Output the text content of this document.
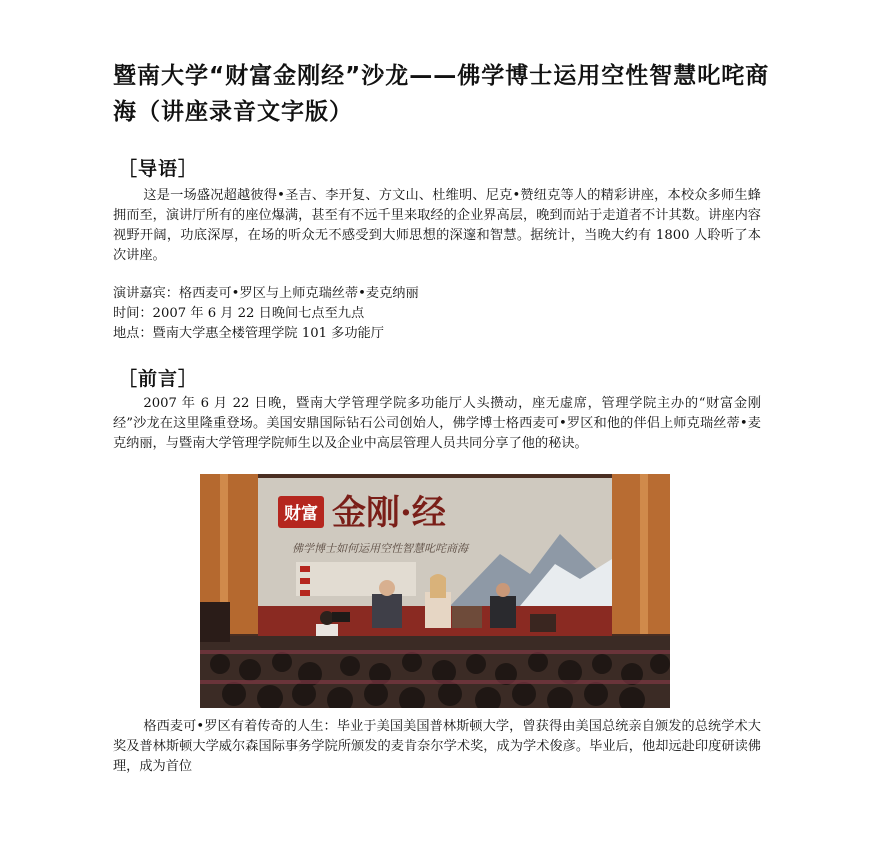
暨南大学“财富金刚经”沙龙——佛学博士运用空性智慧叱咤商海（讲座录音文字版）
［导语］
这是一场盛况超越彼得•圣吉、李开复、方文山、杜维明、尼克•赞纽克等人的精彩讲座，本校众多师生蜂拥而至，演讲厅所有的座位爆满，甚至有不远千里来取经的企业界高层，晚到而站于走道者不计其数。讲座内容视野开阔，功底深厚，在场的听众无不感受到大师思想的深邃和智慧。据统计，当晚大约有 1800 人聆听了本次讲座。
演讲嘉宾：格西麦可•罗区与上师克瑞丝蒂•麦克纳丽
时间：2007 年 6 月 22 日晚间七点至九点
地点：暨南大学惠全楼管理学院 101 多功能厅
［前言］
2007 年 6 月 22 日晚，暨南大学管理学院多功能厅人头攒动，座无虚席，管理学院主办的“财富金刚经”沙龙在这里隆重登场。美国安鼎国际钻石公司创始人，佛学博士格西麦可•罗区和他的伴侣上师克瑞丝蒂•麦克纳丽，与暨南大学管理学院师生以及企业中高层管理人员共同分享了他的秘诀。
财富 金刚·经
佛学博士如何运用空性智慧叱咤商海
格西麦可•罗区有着传奇的人生：毕业于美国美国普林斯顿大学，曾获得由美国总统亲自颁发的总统学术大奖及普林斯顿大学威尔森国际事务学院所颁发的麦肯奈尔学术奖，成为学术俊彦。毕业后，他却远赴印度研读佛理，成为首位
